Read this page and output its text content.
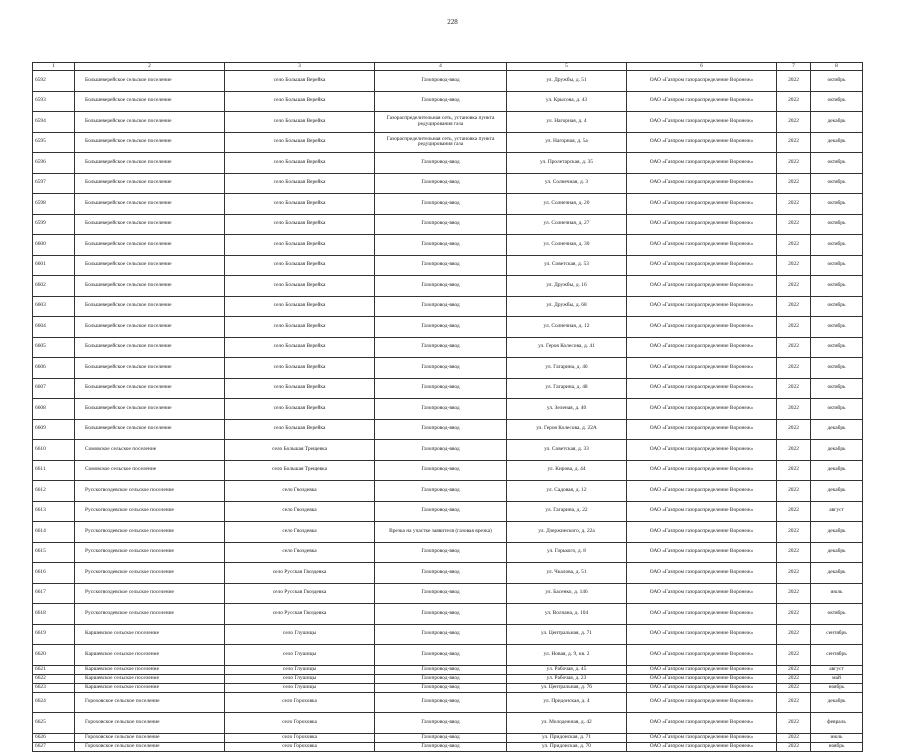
228
1	2	3	4	5	6	7	8
6592	Большеверейское сельское поселение	село Большая Верейка	Газопровод-ввод	ул. Дружбы, д. 51	ОАО «Газпром газораспределение Воронеж»	2022	октябрь
6593	Большеверейское сельское поселение	село Большая Верейка	Газопровод-ввод	ул. Крысова, д. 43	ОАО «Газпром газораспределение Воронеж»	2022	октябрь
6594	Большеверейское сельское поселение	село Большая Верейка	Газораспределительная сеть, установка пункта редуцирования газа	ул. Нагорная, д. 4	ОАО «Газпром газораспределение Воронеж»	2022	декабрь
6595	Большеверейское сельское поселение	село Большая Верейка	Газораспределительная сеть, установка пункта редуцирования газа	ул. Нагорная, д. 5а	ОАО «Газпром газораспределение Воронеж»	2022	декабрь
6596	Большеверейское сельское поселение	село Большая Верейка	Газопровод-ввод	ул. Пролетарская, д. 35	ОАО «Газпром газораспределение Воронеж»	2022	октябрь
6597	Большеверейское сельское поселение	село Большая Верейка	Газопровод-ввод	ул. Солнечная, д. 3	ОАО «Газпром газораспределение Воронеж»	2022	октябрь
6598	Большеверейское сельское поселение	село Большая Верейка	Газопровод-ввод	ул. Солнечная, д. 20	ОАО «Газпром газораспределение Воронеж»	2022	октябрь
6599	Большеверейское сельское поселение	село Большая Верейка	Газопровод-ввод	ул. Солнечная, д. 27	ОАО «Газпром газораспределение Воронеж»	2022	октябрь
6600	Большеверейское сельское поселение	село Большая Верейка	Газопровод-ввод	ул. Солнечная, д. 30	ОАО «Газпром газораспределение Воронеж»	2022	октябрь
6601	Большеверейское сельское поселение	село Большая Верейка	Газопровод-ввод	ул. Советская, д. 53	ОАО «Газпром газораспределение Воронеж»	2022	октябрь
6602	Большеверейское сельское поселение	село Большая Верейка	Газопровод-ввод	ул. Дружбы, д. 16	ОАО «Газпром газораспределение Воронеж»	2022	октябрь
6603	Большеверейское сельское поселение	село Большая Верейка	Газопровод-ввод	ул. Дружбы, д. 68	ОАО «Газпром газораспределение Воронеж»	2022	октябрь
6604	Большеверейское сельское поселение	село Большая Верейка	Газопровод-ввод	ул. Солнечная, д. 12	ОАО «Газпром газораспределение Воронеж»	2022	октябрь
6605	Большеверейское сельское поселение	село Большая Верейка	Газопровод-ввод	ул. Героя Колесова, д. 41	ОАО «Газпром газораспределение Воронеж»	2022	октябрь
6606	Большеверейское сельское поселение	село Большая Верейка	Газопровод-ввод	ул. Гагарина, д. 46	ОАО «Газпром газораспределение Воронеж»	2022	октябрь
6607	Большеверейское сельское поселение	село Большая Верейка	Газопровод-ввод	ул. Гагарина, д. 48	ОАО «Газпром газораспределение Воронеж»	2022	октябрь
6608	Большеверейское сельское поселение	село Большая Верейка	Газопровод-ввод	ул. Зеленая, д. 40	ОАО «Газпром газораспределение Воронеж»	2022	октябрь
6609	Большеверейское сельское поселение	село Большая Верейка	Газопровод-ввод	ул. Героя Колесова, д. 22А	ОАО «Газпром газораспределение Воронеж»	2022	декабрь
6610	Сомовское сельское поселение	село Большая Трещевка	Газопровод-ввод	ул. Советская, д. 33	ОАО «Газпром газораспределение Воронеж»	2022	декабрь
6611	Сомовское сельское поселение	село Большая Трещевка	Газопровод-ввод	ул. Кирова, д. 44	ОАО «Газпром газораспределение Воронеж»	2022	декабрь
6612	Русскогвоздевское сельское поселение	село Гвоздевка	Газопровод-ввод	ул. Садовая, д. 12	ОАО «Газпром газораспределение Воронеж»	2022	декабрь
6613	Русскогвоздевское сельское поселение	село Гвоздевка	Газопровод-ввод	ул. Гагарина, д. 22	ОАО «Газпром газораспределение Воронеж»	2022	август
6614	Русскогвоздевское сельское поселение	село Гвоздевка	Врезка на участке заявителя (газовая врезка)	ул. Дзержинского, д. 22а	ОАО «Газпром газораспределение Воронеж»	2022	декабрь
6615	Русскогвоздевское сельское поселение	село Гвоздевка	Газопровод-ввод	ул. Горького, д. 8	ОАО «Газпром газораспределение Воронеж»	2022	декабрь
6616	Русскогвоздевское сельское поселение	село Русская Гвоздевка	Газопровод-ввод	ул. Чкалова, д. 51	ОАО «Газпром газораспределение Воронеж»	2022	декабрь
6617	Русскогвоздевское сельское поселение	село Русская Гвоздевка	Газопровод-ввод	ул. Басенко, д. 146	ОАО «Газпром газораспределение Воронеж»	2022	июль
6618	Русскогвоздевское сельское поселение	село Русская Гвоздевка	Газопровод-ввод	ул. Волчана, д. 104	ОАО «Газпром газораспределение Воронеж»	2022	октябрь
6619	Каршевское сельское поселение	село Глушицы	Газопровод-ввод	ул. Центральная, д. 71	ОАО «Газпром газораспределение Воронеж»	2022	сентябрь
6620	Каршевское сельское поселение	село Глушицы	Газопровод-ввод	ул. Новая, д. 9, кв. 2	ОАО «Газпром газораспределение Воронеж»	2022	сентябрь
6621	Каршевское сельское поселение	село Глушицы	Газопровод-ввод	ул. Рабочая, д. 45	ОАО «Газпром газораспределение Воронеж»	2022	август
6622	Каршевское сельское поселение	село Глушицы	Газопровод-ввод	ул. Рабочая, д. 23	ОАО «Газпром газораспределение Воронеж»	2022	май
6623	Каршевское сельское поселение	село Глушицы	Газопровод-ввод	ул. Центральная, д. 76	ОАО «Газпром газораспределение Воронеж»	2022	ноябрь
6624	Гороховское сельское поселение	село Гороховка	Газопровод-ввод	ул. Придонская, д. 4	ОАО «Газпром газораспределение Воронеж»	2022	декабрь
6625	Гороховское сельское поселение	село Гороховка	Газопровод-ввод	ул. Молодежная, д. 42	ОАО «Газпром газораспределение Воронеж»	2022	февраль
6626	Гороховское сельское поселение	село Гороховка	Газопровод-ввод	ул. Придонская, д. 71	ОАО «Газпром газораспределение Воронеж»	2022	июль
6627	Гороховское сельское поселение	село Гороховка	Газопровод-ввод	ул. Придонская, д. 70	ОАО «Газпром газораспределение Воронеж»	2022	ноябрь
